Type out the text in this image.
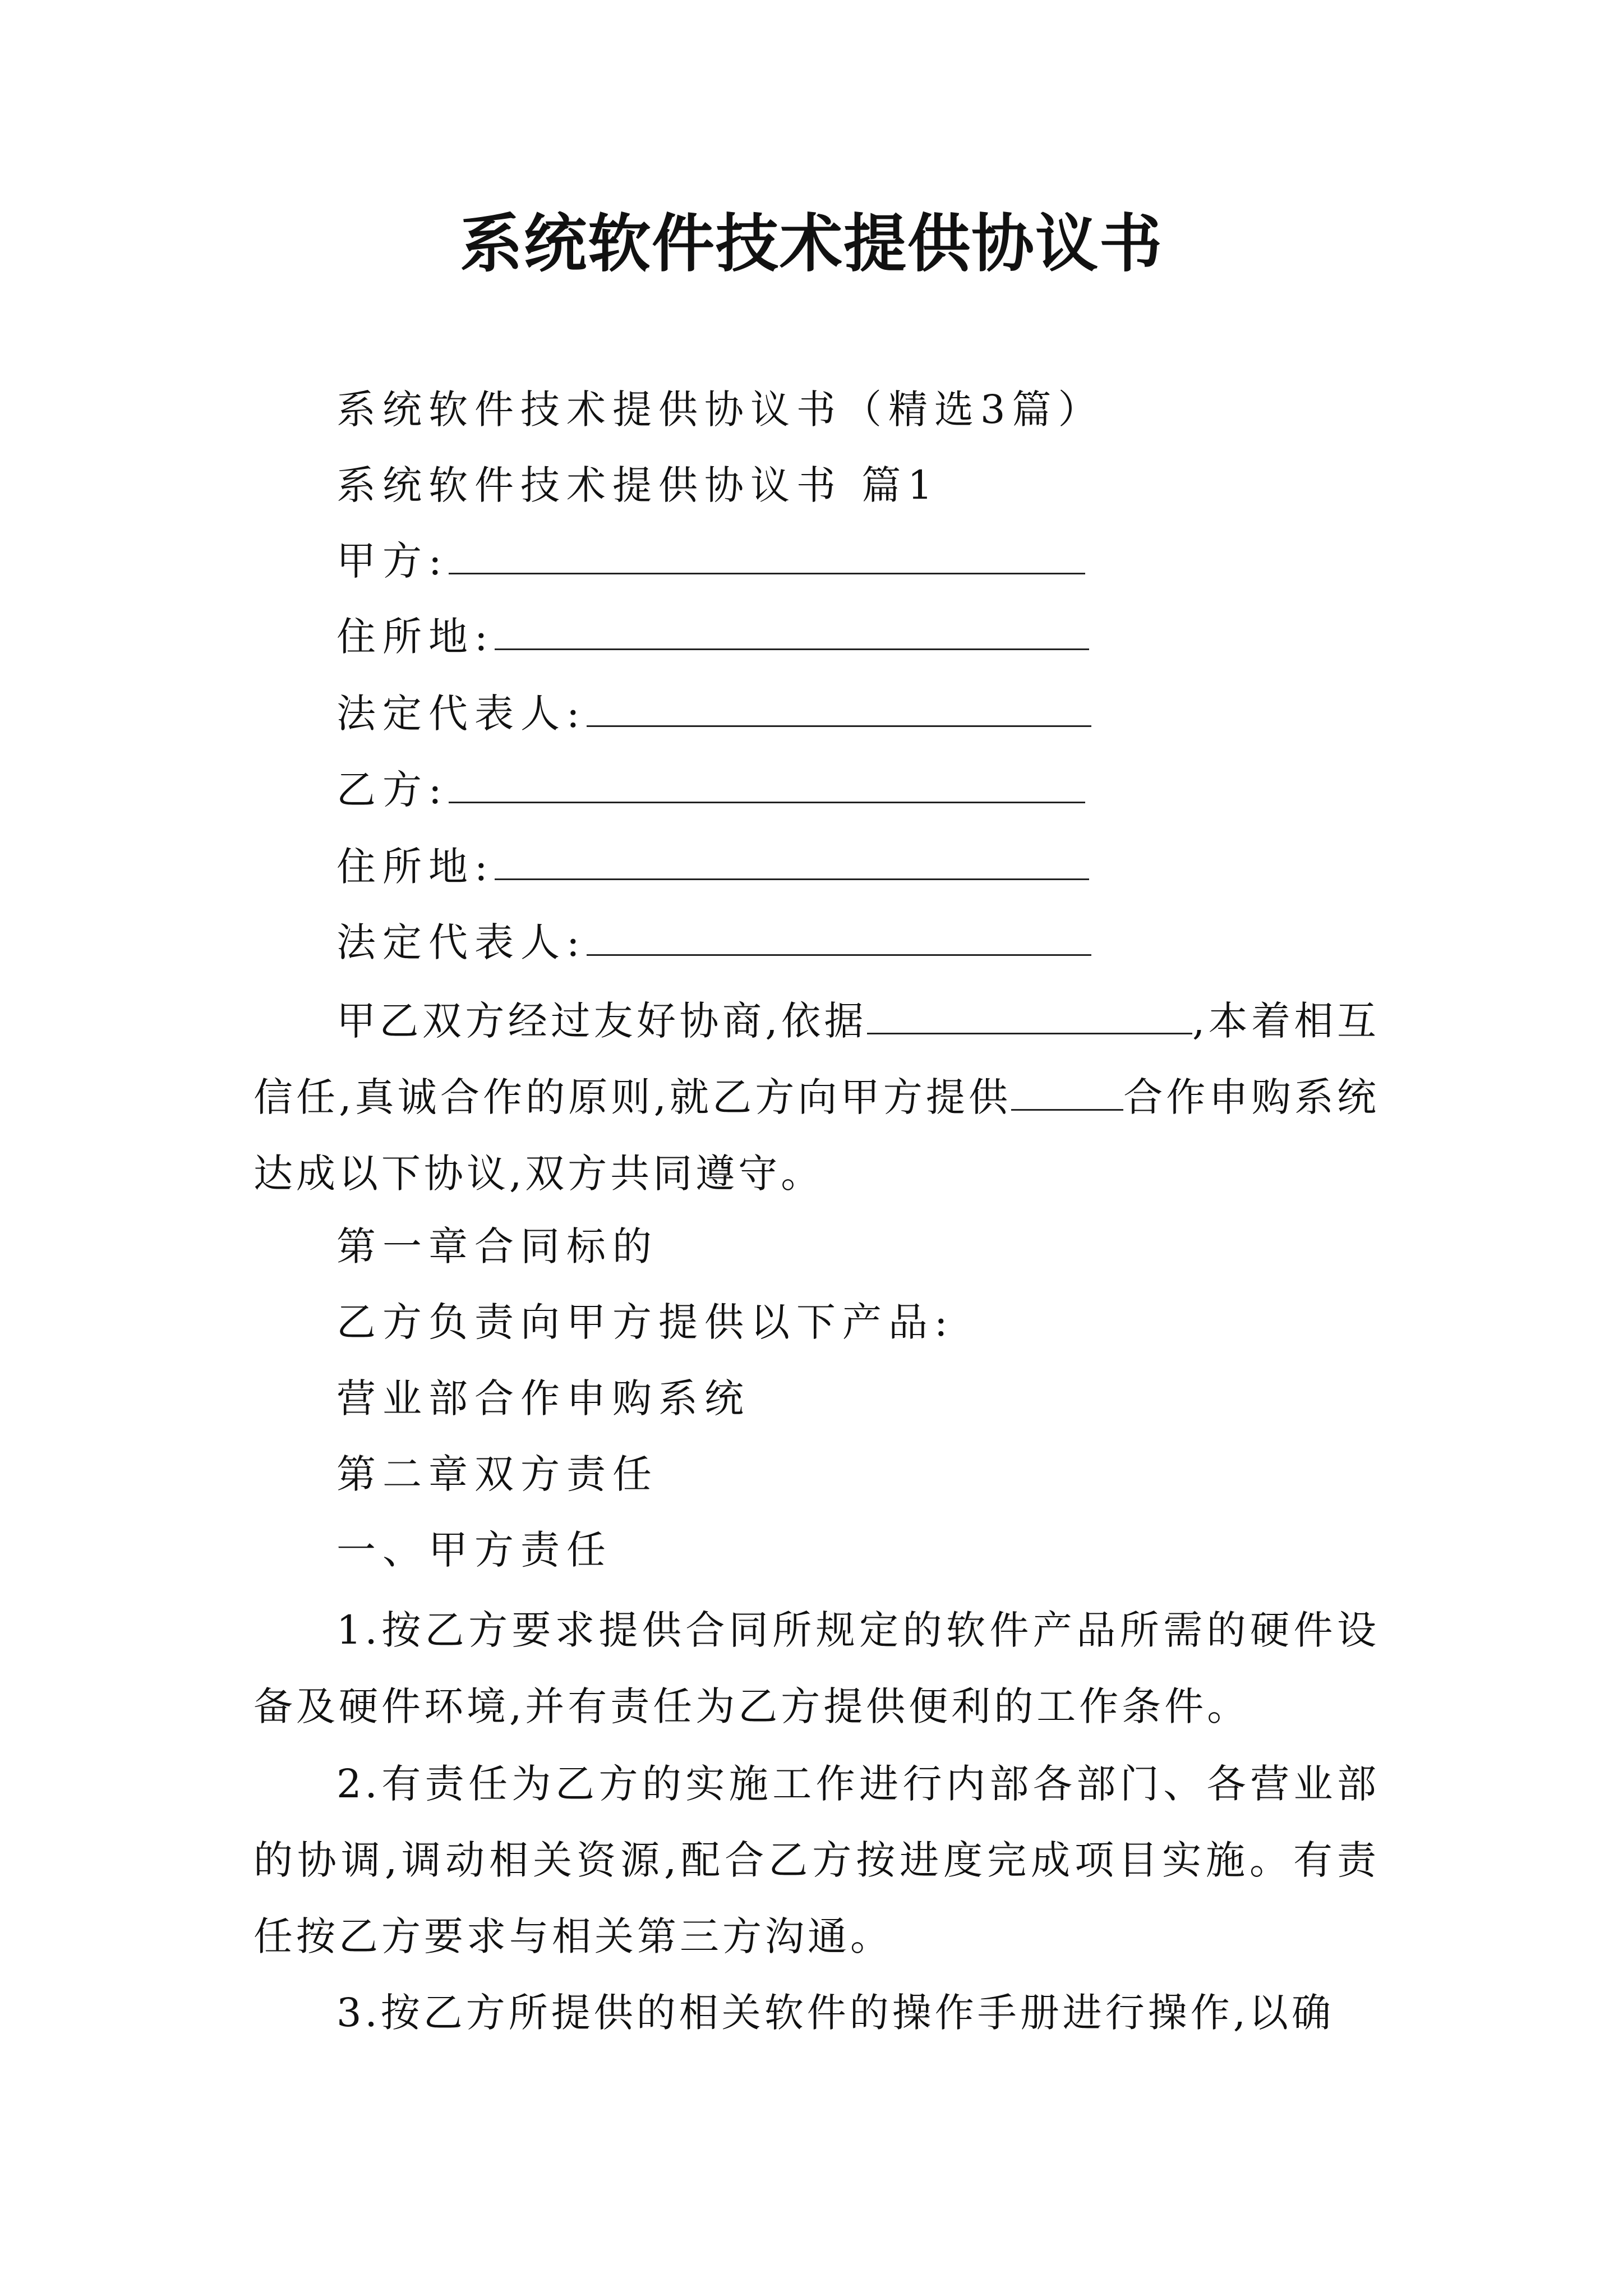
系统软件技术提供协议书
系统软件技术提供协议书（精选3篇）
系统软件技术提供协议书 篇1
甲方:
住所地:
法定代表人:
乙方:
住所地:
法定代表人:
甲乙双方经过友好协商,依据	,本着相互信任,真诚合作的原则,就乙方向甲方提供	合作申购系统达成以下协议,双方共同遵守。
第一章合同标的
乙方负责向甲方提供以下产品:
营业部合作申购系统
第二章双方责任
一、甲方责任
1.按乙方要求提供合同所规定的软件产品所需的硬件设备及硬件环境,并有责任为乙方提供便利的工作条件。
2.有责任为乙方的实施工作进行内部各部门、各营业部的协调,调动相关资源,配合乙方按进度完成项目实施。有责任按乙方要求与相关第三方沟通。
3.按乙方所提供的相关软件的操作手册进行操作,以确
